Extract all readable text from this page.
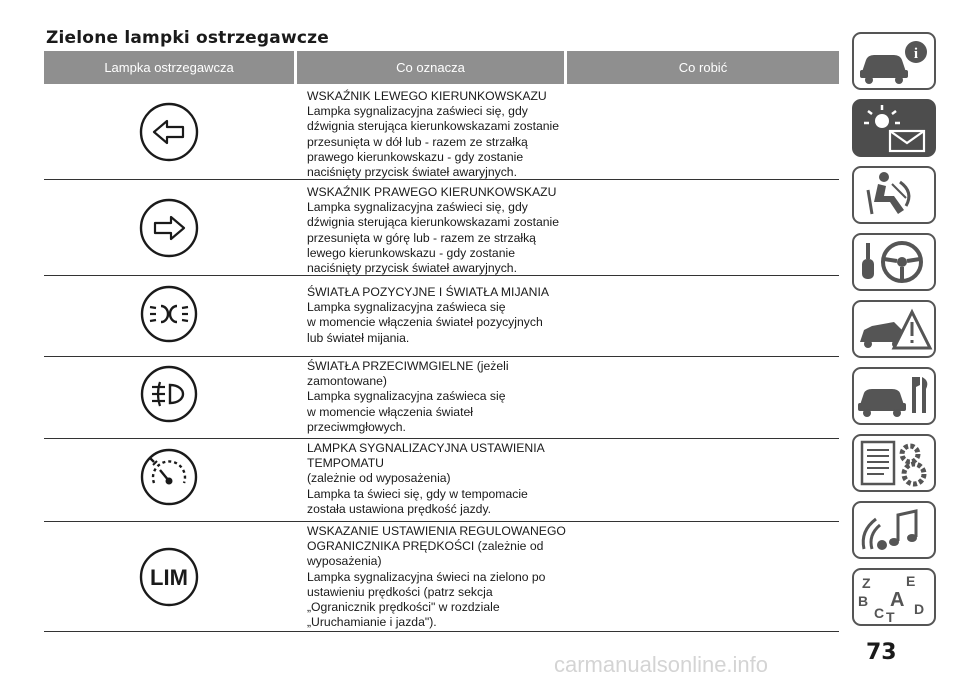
Zielone lampki ostrzegawcze
Lampka ostrzegawcza	Co oznacza	Co robić
WSKAŹNIK LEWEGO KIERUNKOWSKAZU
Lampka sygnalizacyjna zaświeci się, gdy
dźwignia sterująca kierunkowskazami zostanie
przesunięta w dół lub - razem ze strzałką
prawego kierunkowskazu - gdy zostanie
naciśnięty przycisk świateł awaryjnych.
WSKAŹNIK PRAWEGO KIERUNKOWSKAZU
Lampka sygnalizacyjna zaświeci się, gdy
dźwignia sterująca kierunkowskazami zostanie
przesunięta w górę lub - razem ze strzałką
lewego kierunkowskazu - gdy zostanie
naciśnięty przycisk świateł awaryjnych.
ŚWIATŁA POZYCYJNE I ŚWIATŁA MIJANIA
Lampka sygnalizacyjna zaświeca się
w momencie włączenia świateł pozycyjnych
lub świateł mijania.
ŚWIATŁA PRZECIWMGIELNE (jeżeli
zamontowane)
Lampka sygnalizacyjna zaświeca się
w momencie włączenia świateł
przeciwmgłowych.
LAMPKA SYGNALIZACYJNA USTAWIENIA
TEMPOMATU
(zależnie od wyposażenia)
Lampka ta świeci się, gdy w tempomacie
została ustawiona prędkość jazdy.
LIM
WSKAZANIE USTAWIENIA REGULOWANEGO
OGRANICZNIKA PRĘDKOŚCI (zależnie od
wyposażenia)
Lampka sygnalizacyjna świeci na zielono po
ustawieniu prędkości (patrz sekcja
„Ogranicznik prędkości" w rozdziale
„Uruchamianie i jazda").
i
Z	E
B A
C T D
73
carmanualsonline.info
